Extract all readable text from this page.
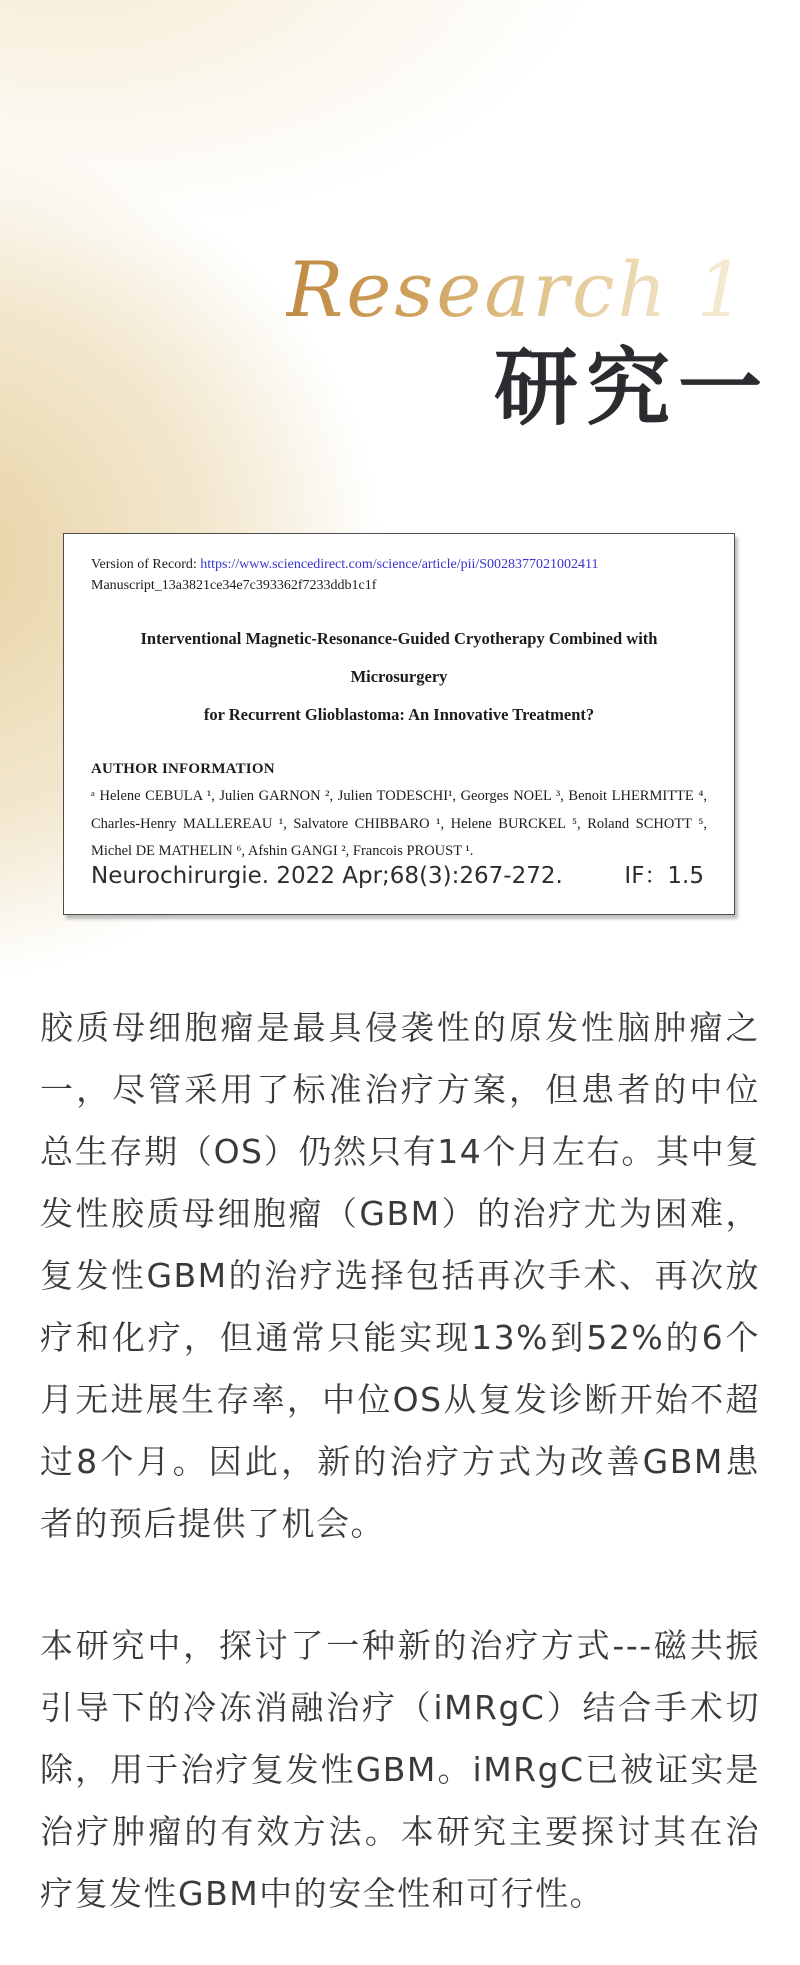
Research 1
研究一
Version of Record: https://www.sciencedirect.com/science/article/pii/S0028377021002411
Manuscript_13a3821ce34e7c393362f7233ddb1c1f
Interventional Magnetic-Resonance-Guided Cryotherapy Combined with Microsurgery
for Recurrent Glioblastoma: An Innovative Treatment?
AUTHOR INFORMATION
ᵃ Helene CEBULA ¹, Julien GARNON ², Julien TODESCHI¹, Georges NOEL ³, Benoit LHERMITTE ⁴, Charles-Henry MALLEREAU ¹, Salvatore CHIBBARO ¹, Helene BURCKEL ⁵, Roland SCHOTT ⁵, Michel DE MATHELIN ⁶, Afshin GANGI ², Francois PROUST ¹.
Neurochirurgie. 2022 Apr;68(3):267-272.	IF：1.5

胶质母细胞瘤是最具侵袭性的原发性脑肿瘤之一，尽管采用了标准治疗方案，但患者的中位总生存期（OS）仍然只有14个月左右。其中复发性胶质母细胞瘤（GBM）的治疗尤为困难，复发性GBM的治疗选择包括再次手术、再次放疗和化疗，但通常只能实现13%到52%的6个月无进展生存率，中位OS从复发诊断开始不超过8个月。因此，新的治疗方式为改善GBM患者的预后提供了机会。

本研究中，探讨了一种新的治疗方式---磁共振引导下的冷冻消融治疗（iMRgC）结合手术切除，用于治疗复发性GBM。iMRgC已被证实是治疗肿瘤的有效方法。本研究主要探讨其在治疗复发性GBM中的安全性和可行性。
